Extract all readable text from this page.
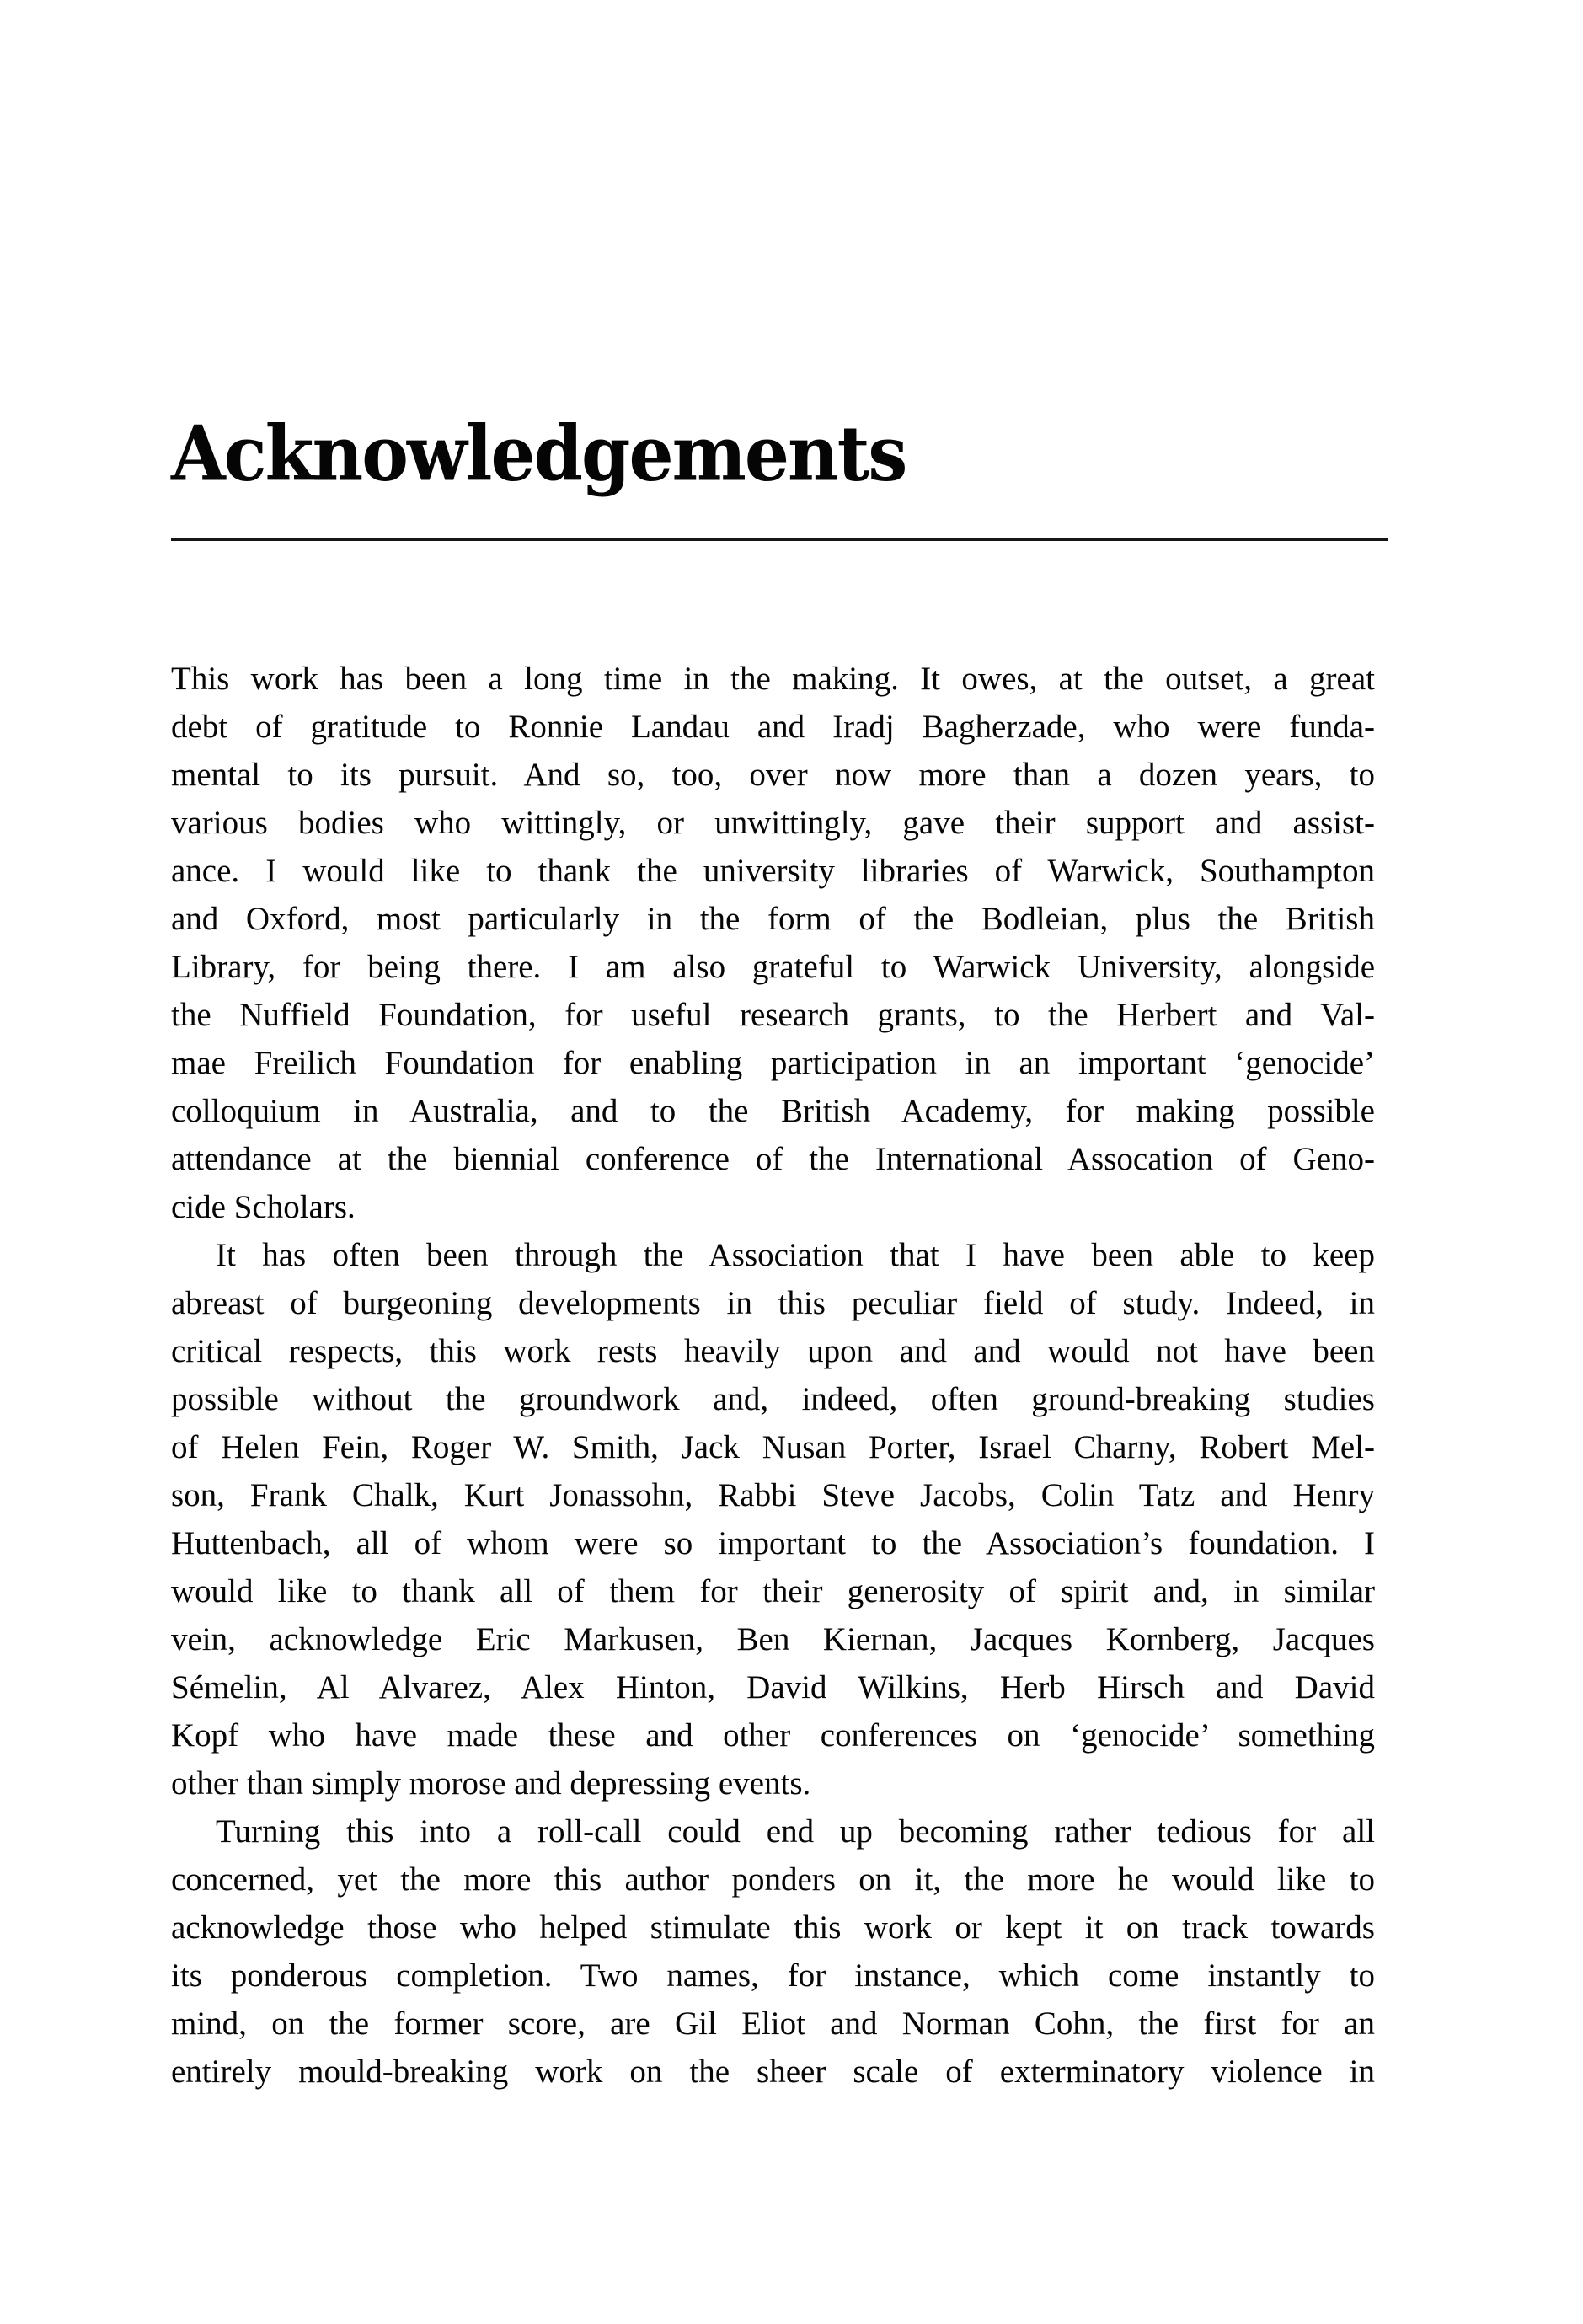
Acknowledgements

This work has been a long time in the making. It owes, at the outset, a great
debt of gratitude to Ronnie Landau and Iradj Bagherzade, who were funda-
mental to its pursuit. And so, too, over now more than a dozen years, to
various bodies who wittingly, or unwittingly, gave their support and assist-
ance. I would like to thank the university libraries of Warwick, Southampton
and Oxford, most particularly in the form of the Bodleian, plus the British
Library, for being there. I am also grateful to Warwick University, alongside
the Nuffield Foundation, for useful research grants, to the Herbert and Val-
mae Freilich Foundation for enabling participation in an important ‘genocide’
colloquium in Australia, and to the British Academy, for making possible
attendance at the biennial conference of the International Assocation of Geno-
cide Scholars.

It has often been through the Association that I have been able to keep
abreast of burgeoning developments in this peculiar field of study. Indeed, in
critical respects, this work rests heavily upon and and would not have been
possible without the groundwork and, indeed, often ground-breaking studies
of Helen Fein, Roger W. Smith, Jack Nusan Porter, Israel Charny, Robert Mel-
son, Frank Chalk, Kurt Jonassohn, Rabbi Steve Jacobs, Colin Tatz and Henry
Huttenbach, all of whom were so important to the Association’s foundation. I
would like to thank all of them for their generosity of spirit and, in similar
vein, acknowledge Eric Markusen, Ben Kiernan, Jacques Kornberg, Jacques
Sémelin, Al Alvarez, Alex Hinton, David Wilkins, Herb Hirsch and David
Kopf who have made these and other conferences on ‘genocide’ something
other than simply morose and depressing events.

Turning this into a roll-call could end up becoming rather tedious for all
concerned, yet the more this author ponders on it, the more he would like to
acknowledge those who helped stimulate this work or kept it on track towards
its ponderous completion. Two names, for instance, which come instantly to
mind, on the former score, are Gil Eliot and Norman Cohn, the first for an
entirely mould-breaking work on the sheer scale of exterminatory violence in
